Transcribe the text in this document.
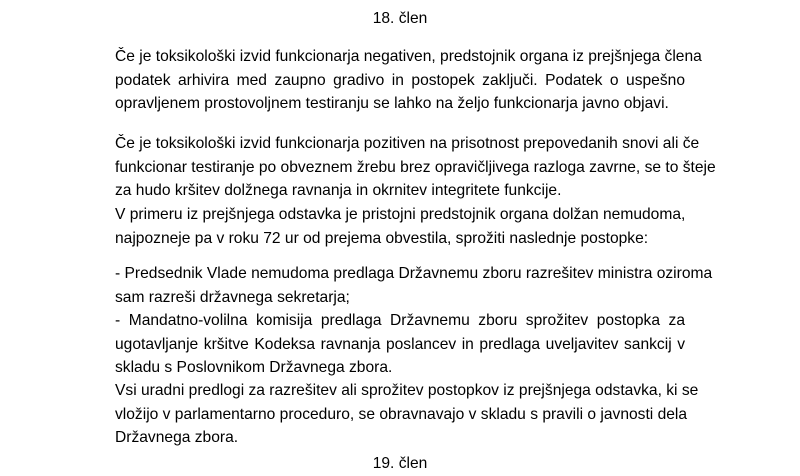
18. člen

Če je toksikološki izvid funkcionarja negativen, predstojnik organa iz prejšnjega člena
podatek arhivira med zaupno gradivo in postopek zaključi. Podatek o uspešno
opravljenem prostovoljnem testiranju se lahko na željo funkcionarja javno objavi.

Če je toksikološki izvid funkcionarja pozitiven na prisotnost prepovedanih snovi ali če
funkcionar testiranje po obveznem žrebu brez opravičljivega razloga zavrne, se to šteje
za hudo kršitev dolžnega ravnanja in okrnitev integritete funkcije.

V primeru iz prejšnjega odstavka je pristojni predstojnik organa dolžan nemudoma,
najpozneje pa v roku 72 ur od prejema obvestila, sprožiti naslednje postopke:

- Predsednik Vlade nemudoma predlaga Državnemu zboru razrešitev ministra oziroma
sam razreši državnega sekretarja;
- Mandatno-volilna komisija predlaga Državnemu zboru sprožitev postopka za
ugotavljanje kršitve Kodeksa ravnanja poslancev in predlaga uveljavitev sankcij v
skladu s Poslovnikom Državnega zbora.

Vsi uradni predlogi za razrešitev ali sprožitev postopkov iz prejšnjega odstavka, ki se
vložijo v parlamentarno proceduro, se obravnavajo v skladu s pravili o javnosti dela
Državnega zbora.

19. člen
